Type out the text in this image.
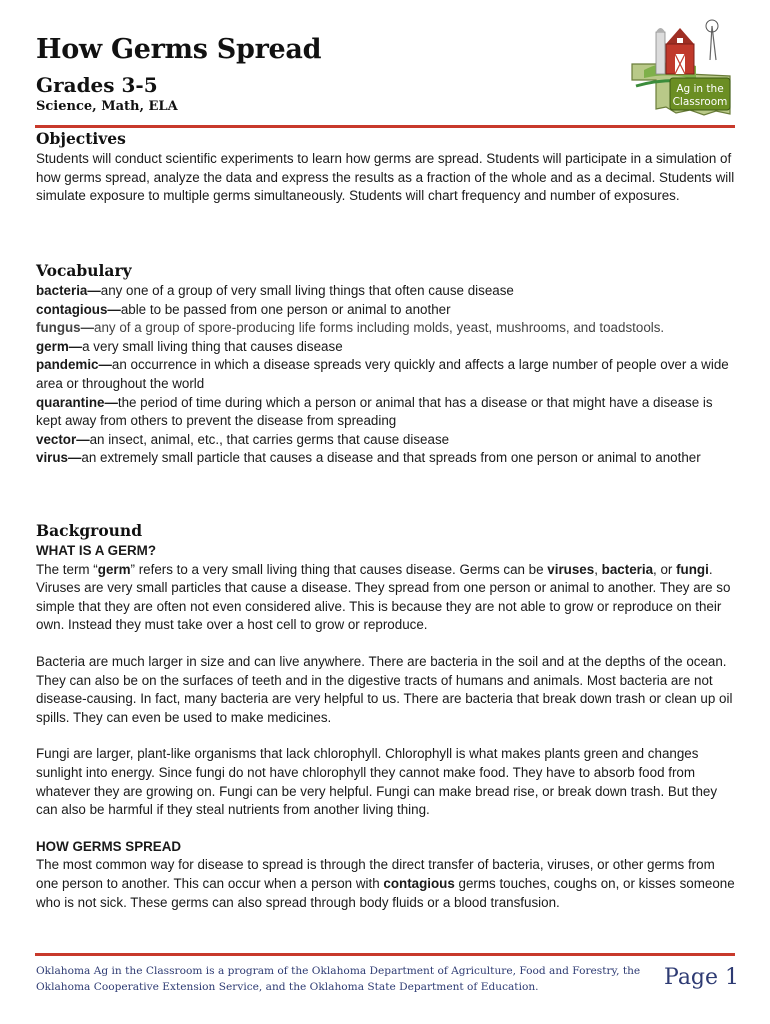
How Germs Spread
Grades 3-5
Science, Math, ELA
Ag in the
Classroom
Objectives

Students will conduct scientific experiments to learn how germs are spread. Students will participate in a simulation of how germs spread, analyze the data and express the results as a fraction of the whole and as a decimal. Students will simulate exposure to multiple germs simultaneously. Students will chart frequency and number of exposures.

Vocabulary
bacteria—any one of a group of very small living things that often cause disease
contagious—able to be passed from one person or animal to another
fungus—any of a group of spore-producing life forms including molds, yeast, mushrooms, and toadstools.
germ—a very small living thing that causes disease
pandemic—an occurrence in which a disease spreads very quickly and affects a large number of people over a wide area or throughout the world
quarantine—the period of time during which a person or animal that has a disease or that might have a disease is kept away from others to prevent the disease from spreading
vector—an insect, animal, etc., that carries germs that cause disease
virus—an extremely small particle that causes a disease and that spreads from one person or animal to another
Background
WHAT IS A GERM?

The term “germ” refers to a very small living thing that causes disease. Germs can be viruses, bacteria, or fungi. Viruses are very small particles that cause a disease. They spread from one person or animal to another. They are so simple that they are often not even considered alive. This is because they are not able to grow or reproduce on their own. Instead they must take over a host cell to grow or reproduce.

Bacteria are much larger in size and can live anywhere. There are bacteria in the soil and at the depths of the ocean. They can also be on the surfaces of teeth and in the digestive tracts of humans and animals. Most bacteria are not disease-causing. In fact, many bacteria are very helpful to us. There are bacteria that break down trash or clean up oil spills. They can even be used to make medicines.

Fungi are larger, plant-like organisms that lack chlorophyll. Chlorophyll is what makes plants green and changes sunlight into energy. Since fungi do not have chlorophyll they cannot make food. They have to absorb food from whatever they are growing on. Fungi can be very helpful. Fungi can make bread rise, or break down trash. But they can also be harmful if they steal nutrients from another living thing.

HOW GERMS SPREAD

The most common way for disease to spread is through the direct transfer of bacteria, viruses, or other germs from one person to another. This can occur when a person with contagious germs touches, coughs on, or kisses someone who is not sick. These germs can also spread through body fluids or a blood transfusion.

Oklahoma Ag in the Classroom is a program of the Oklahoma Department of Agriculture, Food and Forestry, the
Oklahoma Cooperative Extension Service, and the Oklahoma State Department of Education.	Page 1
